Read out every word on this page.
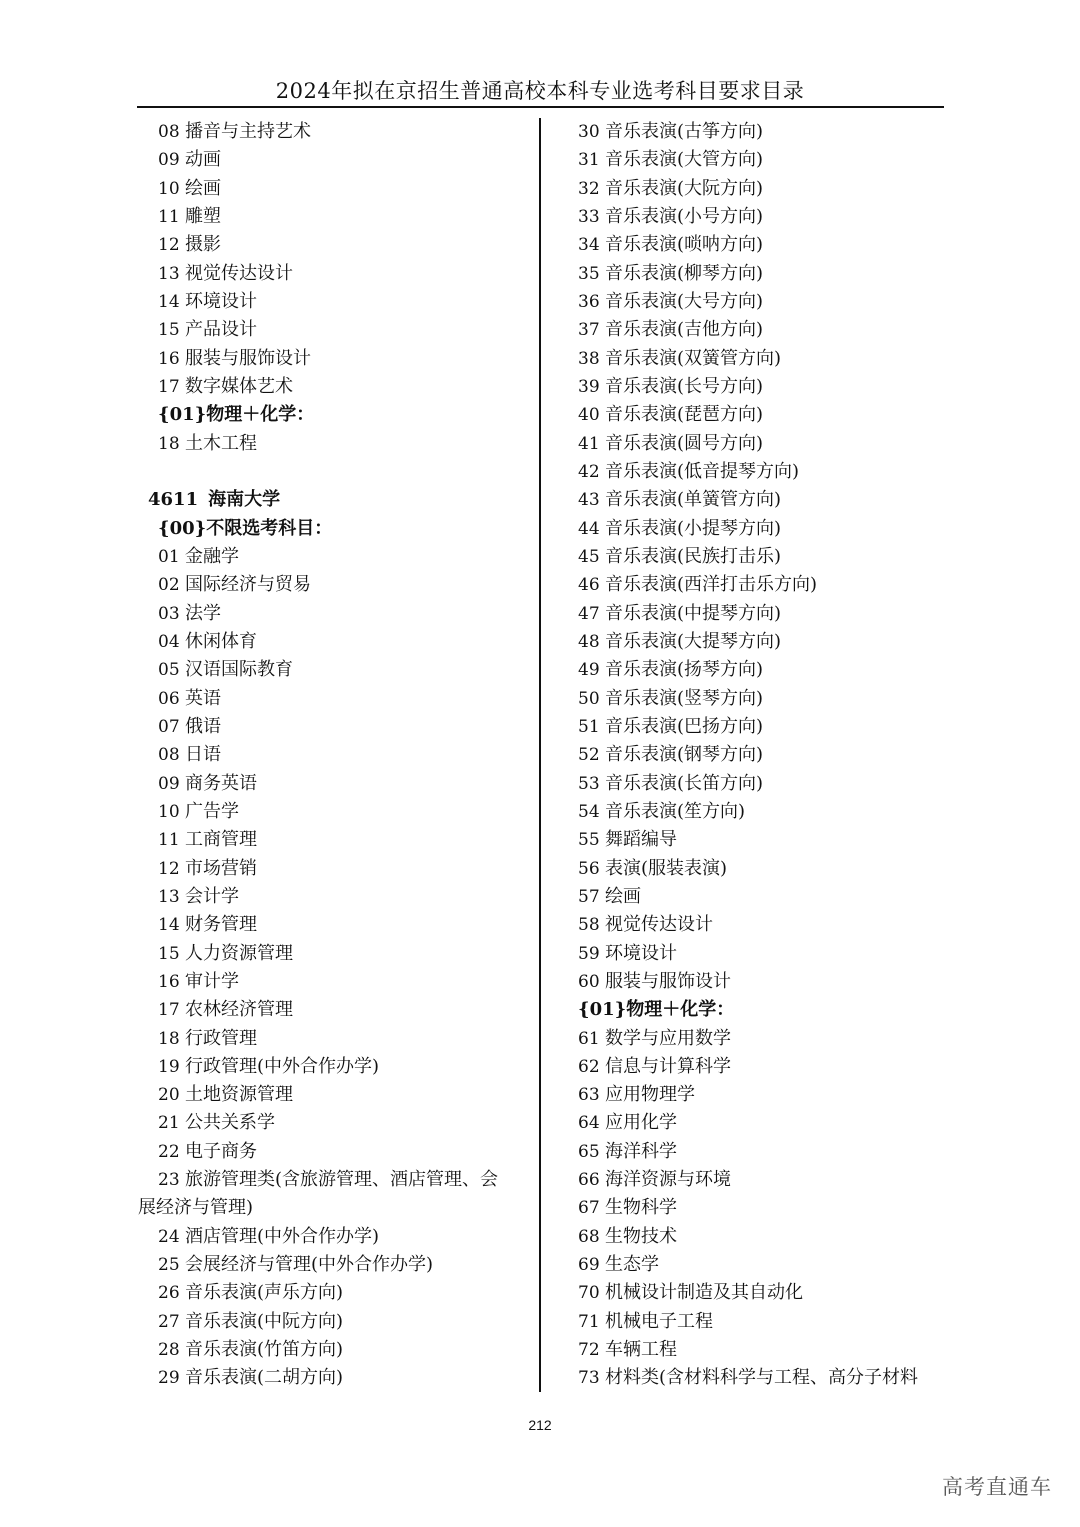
2024年拟在京招生普通高校本科专业选考科目要求目录
08 播音与主持艺术
09 动画
10 绘画
11 雕塑
12 摄影
13 视觉传达设计
14 环境设计
15 产品设计
16 服装与服饰设计
17 数字媒体艺术
{01}物理＋化学：
18 土木工程
4611 海南大学
{00}不限选考科目：
01 金融学
02 国际经济与贸易
03 法学
04 休闲体育
05 汉语国际教育
06 英语
07 俄语
08 日语
09 商务英语
10 广告学
11 工商管理
12 市场营销
13 会计学
14 财务管理
15 人力资源管理
16 审计学
17 农林经济管理
18 行政管理
19 行政管理(中外合作办学)
20 土地资源管理
21 公共关系学
22 电子商务
23 旅游管理类(含旅游管理、酒店管理、会
展经济与管理)
24 酒店管理(中外合作办学)
25 会展经济与管理(中外合作办学)
26 音乐表演(声乐方向)
27 音乐表演(中阮方向)
28 音乐表演(竹笛方向)
29 音乐表演(二胡方向)
30 音乐表演(古筝方向)
31 音乐表演(大管方向)
32 音乐表演(大阮方向)
33 音乐表演(小号方向)
34 音乐表演(唢呐方向)
35 音乐表演(柳琴方向)
36 音乐表演(大号方向)
37 音乐表演(吉他方向)
38 音乐表演(双簧管方向)
39 音乐表演(长号方向)
40 音乐表演(琵琶方向)
41 音乐表演(圆号方向)
42 音乐表演(低音提琴方向)
43 音乐表演(单簧管方向)
44 音乐表演(小提琴方向)
45 音乐表演(民族打击乐)
46 音乐表演(西洋打击乐方向)
47 音乐表演(中提琴方向)
48 音乐表演(大提琴方向)
49 音乐表演(扬琴方向)
50 音乐表演(竖琴方向)
51 音乐表演(巴扬方向)
52 音乐表演(钢琴方向)
53 音乐表演(长笛方向)
54 音乐表演(笙方向)
55 舞蹈编导
56 表演(服装表演)
57 绘画
58 视觉传达设计
59 环境设计
60 服装与服饰设计
{01}物理＋化学：
61 数学与应用数学
62 信息与计算科学
63 应用物理学
64 应用化学
65 海洋科学
66 海洋资源与环境
67 生物科学
68 生物技术
69 生态学
70 机械设计制造及其自动化
71 机械电子工程
72 车辆工程
73 材料类(含材料科学与工程、高分子材料
212
高考直通车
